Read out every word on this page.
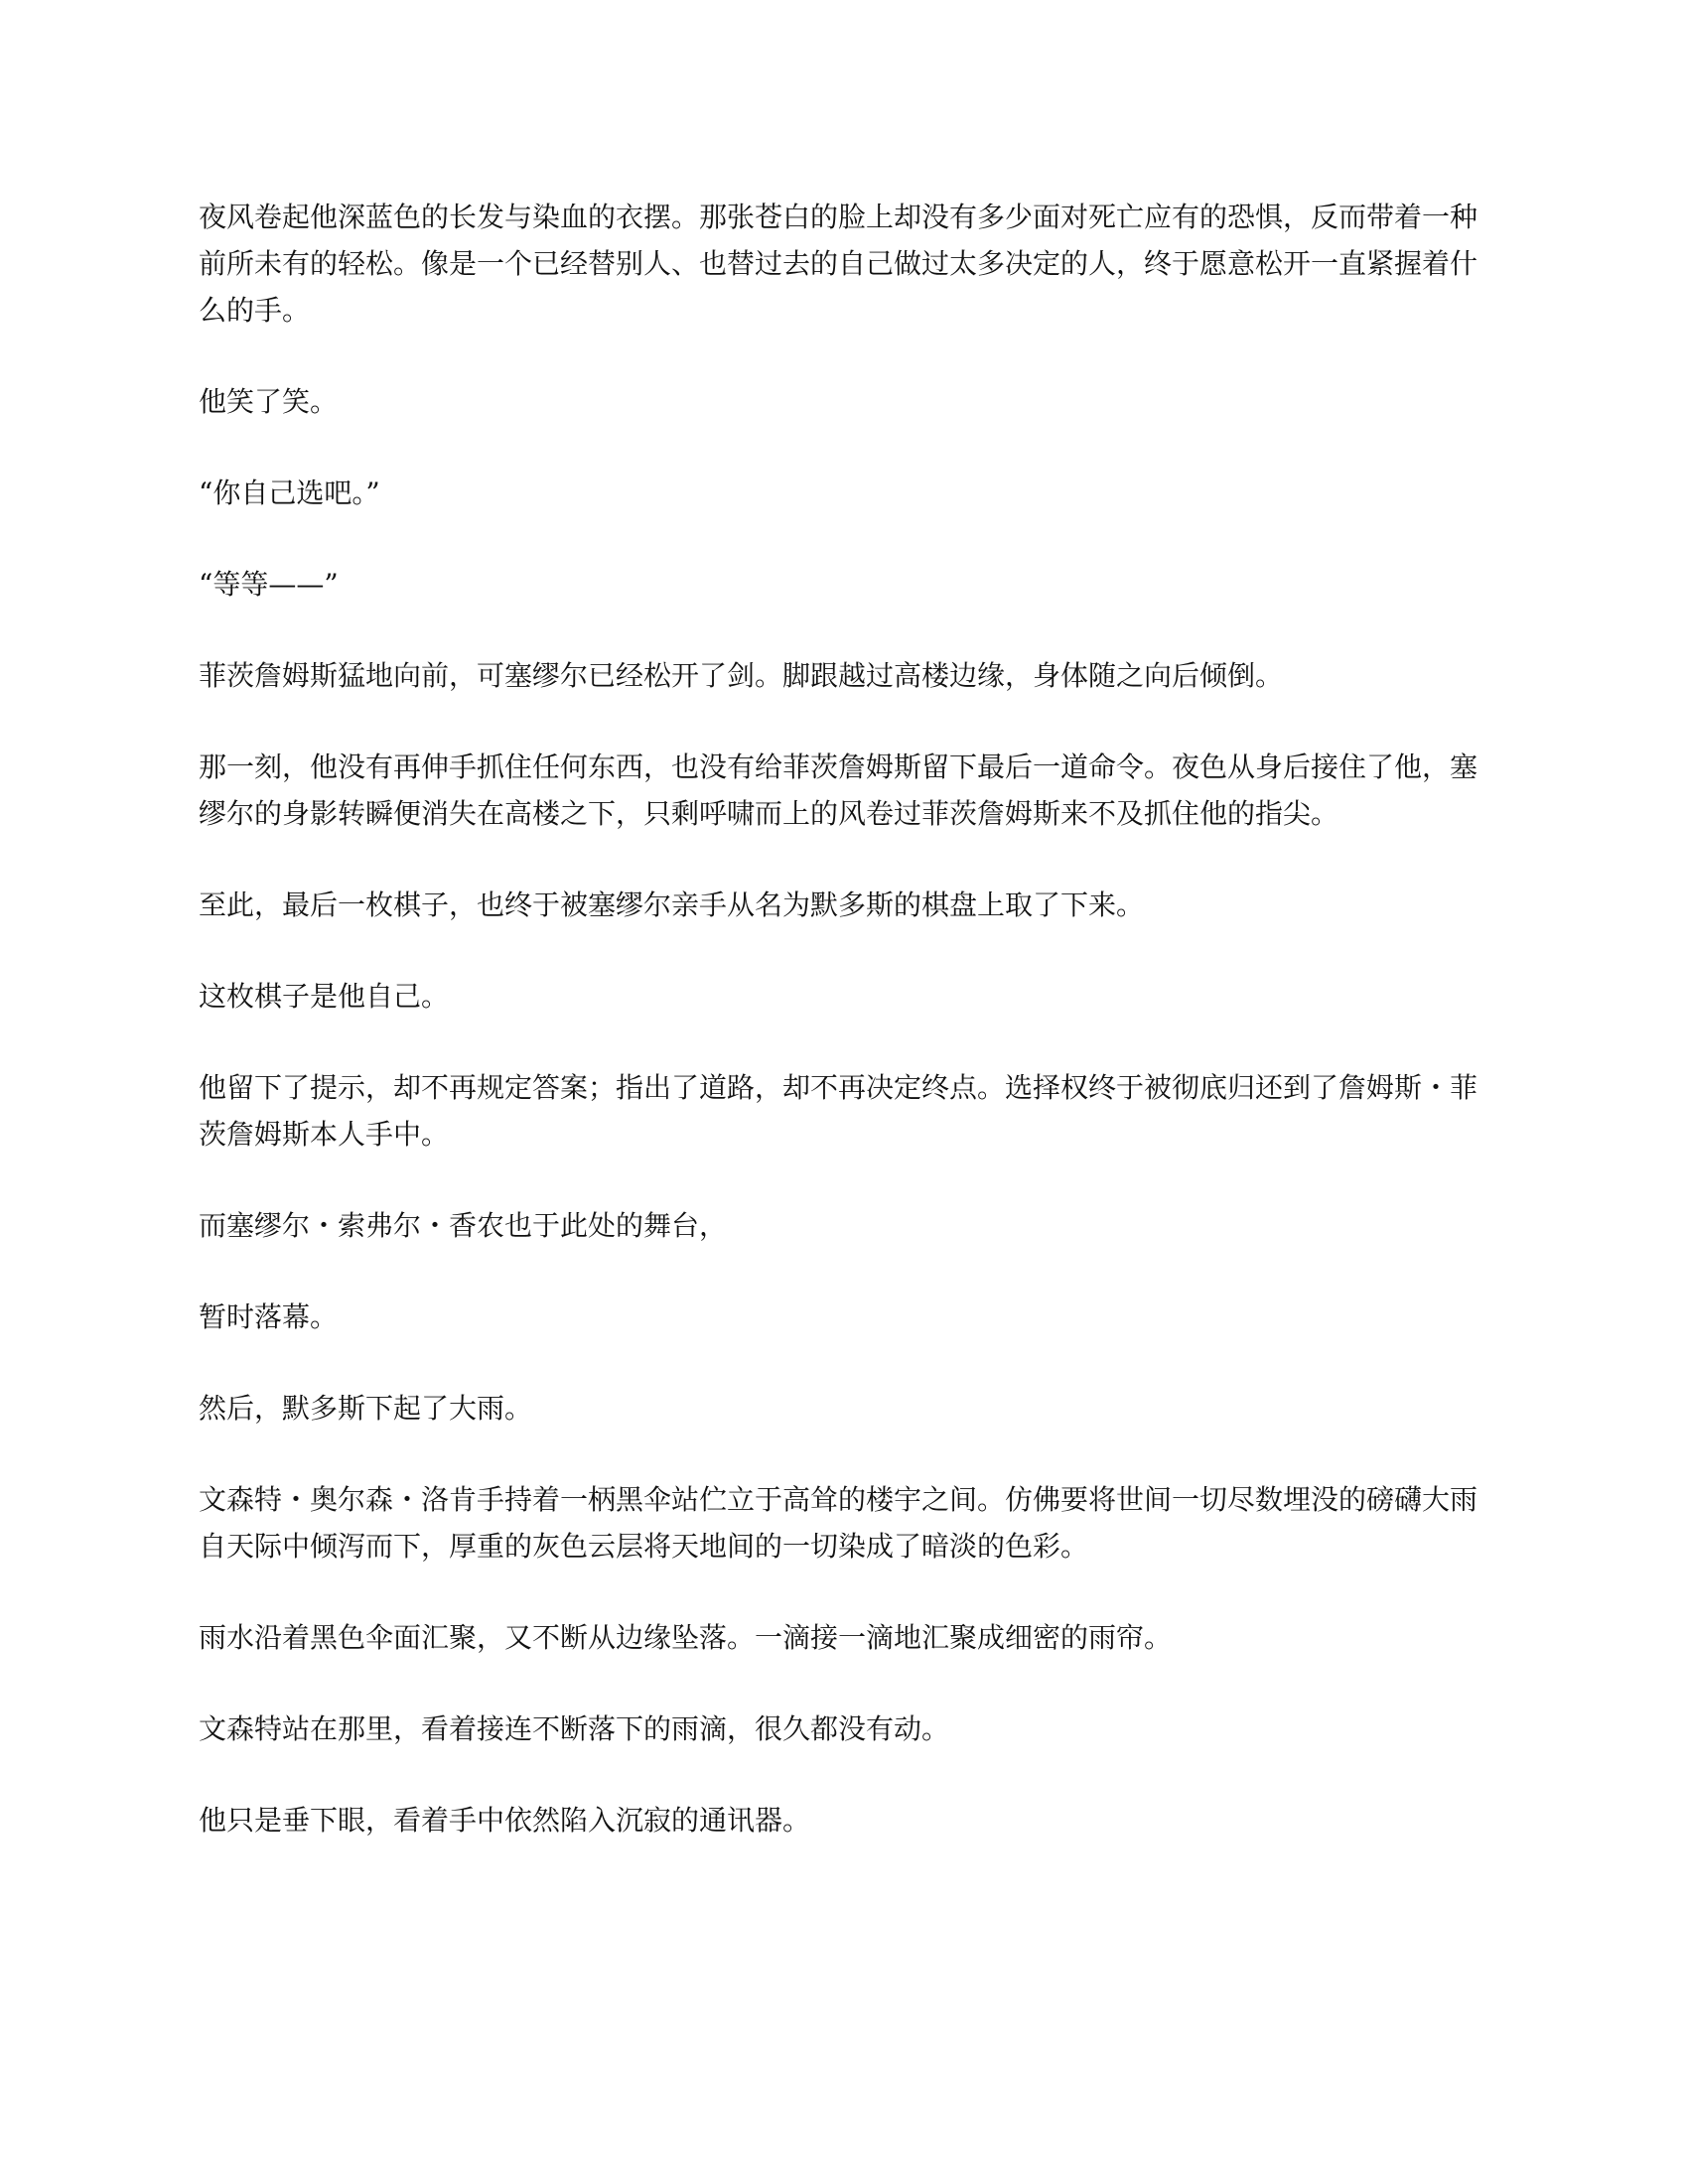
夜风卷起他深蓝色的长发与染血的衣摆。那张苍白的脸上却没有多少面对死亡应有的恐惧，反而带着一种前所未有的轻松。像是一个已经替别人、也替过去的自己做过太多决定的人，终于愿意松开一直紧握着什么的手。

他笑了笑。

“你自己选吧。”

“等等——”

菲茨詹姆斯猛地向前，可塞缪尔已经松开了剑。脚跟越过高楼边缘，身体随之向后倾倒。

那一刻，他没有再伸手抓住任何东西，也没有给菲茨詹姆斯留下最后一道命令。夜色从身后接住了他，塞缪尔的身影转瞬便消失在高楼之下，只剩呼啸而上的风卷过菲茨詹姆斯来不及抓住他的指尖。

至此，最后一枚棋子，也终于被塞缪尔亲手从名为默多斯的棋盘上取了下来。

这枚棋子是他自己。

他留下了提示，却不再规定答案；指出了道路，却不再决定终点。选择权终于被彻底归还到了詹姆斯・菲茨詹姆斯本人手中。

而塞缪尔・索弗尔・香农也于此处的舞台，

暂时落幕。

然后，默多斯下起了大雨。

文森特・奥尔森・洛肯手持着一柄黑伞站伫立于高耸的楼宇之间。仿佛要将世间一切尽数埋没的磅礴大雨自天际中倾泻而下，厚重的灰色云层将天地间的一切染成了暗淡的色彩。

雨水沿着黑色伞面汇聚，又不断从边缘坠落。一滴接一滴地汇聚成细密的雨帘。

文森特站在那里，看着接连不断落下的雨滴，很久都没有动。

他只是垂下眼，看着手中依然陷入沉寂的通讯器。
